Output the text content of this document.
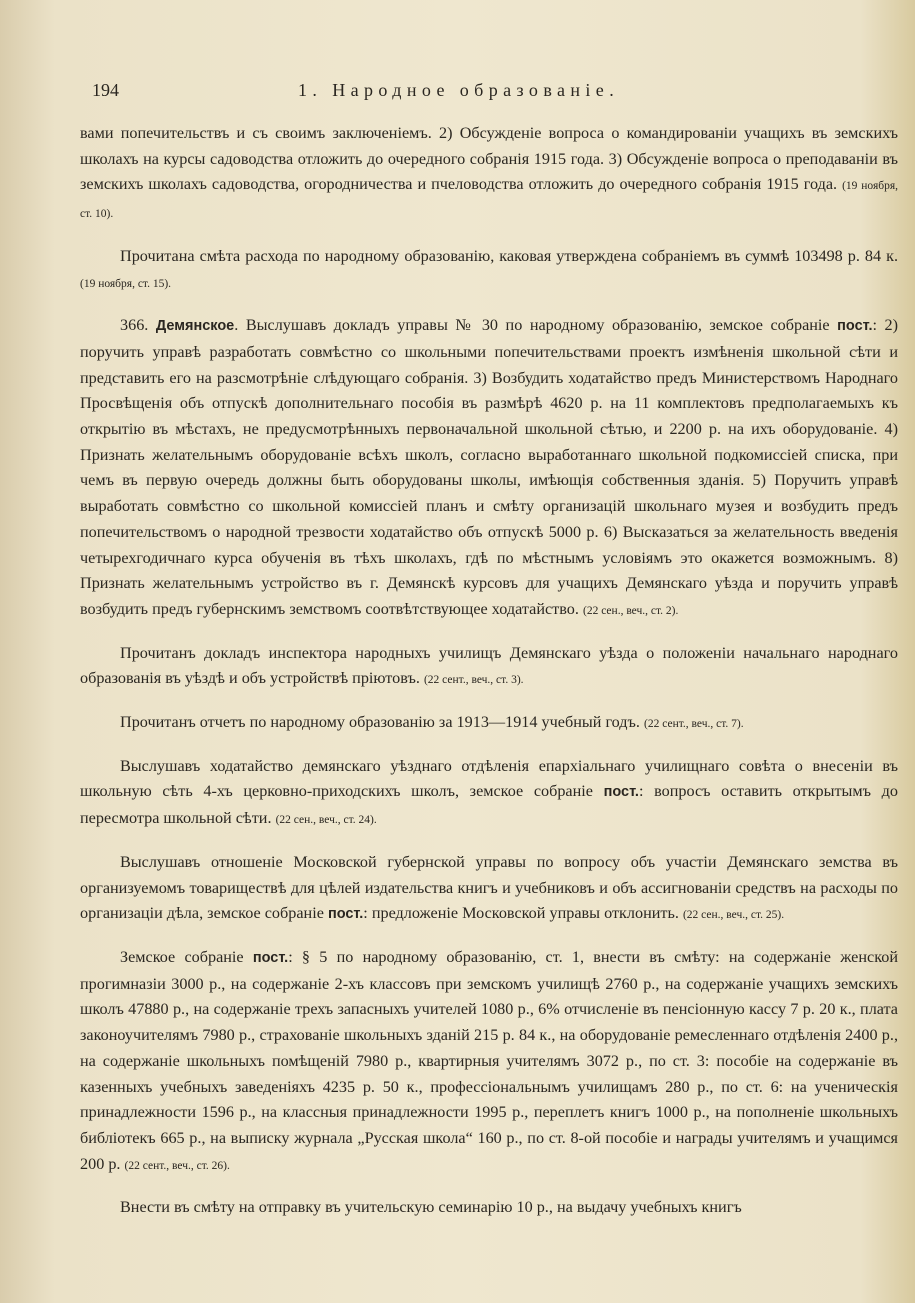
194	1. Народное образованіе.

вами попечительствъ и съ своимъ заключеніемъ. 2) Обсужденіе вопроса о командированіи учащихъ въ земскихъ школахъ на курсы садоводства отложить до очередного собранія 1915 года. 3) Обсужденіе вопроса о преподаваніи въ земскихъ школахъ садоводства, огородничества и пчеловодства отложить до очередного собранія 1915 года. (19 ноября, ст. 10).

Прочитана смѣта расхода по народному образованію, каковая утверждена собраніемъ въ суммѣ 103498 р. 84 к. (19 ноября, ст. 15).

366. Демянское. Выслушавъ докладъ управы № 30 по народному образованію, земское собраніе пост.: 2) поручить управѣ разработать совмѣстно со школьными попечительствами проектъ измѣненія школьной сѣти и представить его на разсмотрѣніе слѣдующаго собранія. 3) Возбудить ходатайство предъ Министерствомъ Народнаго Просвѣщенія объ отпускѣ дополнительнаго пособія въ размѣрѣ 4620 р. на 11 комплектовъ предполагаемыхъ къ открытію въ мѣстахъ, не предусмотрѣнныхъ первоначальной школьной сѣтью, и 2200 р. на ихъ оборудованіе. 4) Признать желательнымъ оборудованіе всѣхъ школъ, согласно выработаннаго школьной подкомиссіей списка, при чемъ въ первую очередь должны быть оборудованы школы, имѣющія собственныя зданія. 5) Поручить управѣ выработать совмѣстно со школьной комиссіей планъ и смѣту организацій школьнаго музея и возбудить предъ попечительствомъ о народной трезвости ходатайство объ отпускѣ 5000 р. 6) Высказаться за желательность введенія четырехгодичнаго курса обученія въ тѣхъ школахъ, гдѣ по мѣстнымъ условіямъ это окажется возможнымъ. 8) Признать желательнымъ устройство въ г. Демянскѣ курсовъ для учащихъ Демянскаго уѣзда и поручить управѣ возбудить предъ губернскимъ земствомъ соотвѣтствующее ходатайство. (22 сен., веч., ст. 2).

Прочитанъ докладъ инспектора народныхъ училищъ Демянскаго уѣзда о положеніи начальнаго народнаго образованія въ уѣздѣ и объ устройствѣ пріютовъ. (22 сент., веч., ст. 3).

Прочитанъ отчетъ по народному образованію за 1913—1914 учебный годъ. (22 сент., веч., ст. 7).

Выслушавъ ходатайство демянскаго уѣзднаго отдѣленія епархіальнаго училищнаго совѣта о внесеніи въ школьную сѣть 4-хъ церковно-приходскихъ школъ, земское собраніе пост.: вопросъ оставить открытымъ до пересмотра школьной сѣти. (22 сен., веч., ст. 24).

Выслушавъ отношеніе Московской губернской управы по вопросу объ участіи Демянскаго земства въ организуемомъ товариществѣ для цѣлей издательства книгъ и учебниковъ и объ ассигнованіи средствъ на расходы по организаціи дѣла, земское собраніе пост.: предложеніе Московской управы отклонить. (22 сен., веч., ст. 25).

Земское собраніе пост.: § 5 по народному образованію, ст. 1, внести въ смѣту: на содержаніе женской прогимназіи 3000 р., на содержаніе 2-хъ классовъ при земскомъ училищѣ 2760 р., на содержаніе учащихъ земскихъ школъ 47880 р., на содержаніе трехъ запасныхъ учителей 1080 р., 6% отчисленіе въ пенсіонную кассу 7 р. 20 к., плата законоучителямъ 7980 р., страхованіе школьныхъ зданій 215 р. 84 к., на оборудованіе ремесленнаго отдѣленія 2400 р., на содержаніе школьныхъ помѣщеній 7980 р., квартирныя учителямъ 3072 р., по ст. 3: пособіе на содержаніе въ казенныхъ учебныхъ заведеніяхъ 4235 р. 50 к., профессіональнымъ училищамъ 280 р., по ст. 6: на ученическія принадлежности 1596 р., на классныя принадлежности 1995 р., переплетъ книгъ 1000 р., на пополненіе школьныхъ библіотекъ 665 р., на выписку журнала „Русская школа“ 160 р., по ст. 8-ой пособіе и награды учителямъ и учащимся 200 р. (22 сент., веч., ст. 26).

Внести въ смѣту на отправку въ учительскую семинарію 10 р., на выдачу учебныхъ книгъ
